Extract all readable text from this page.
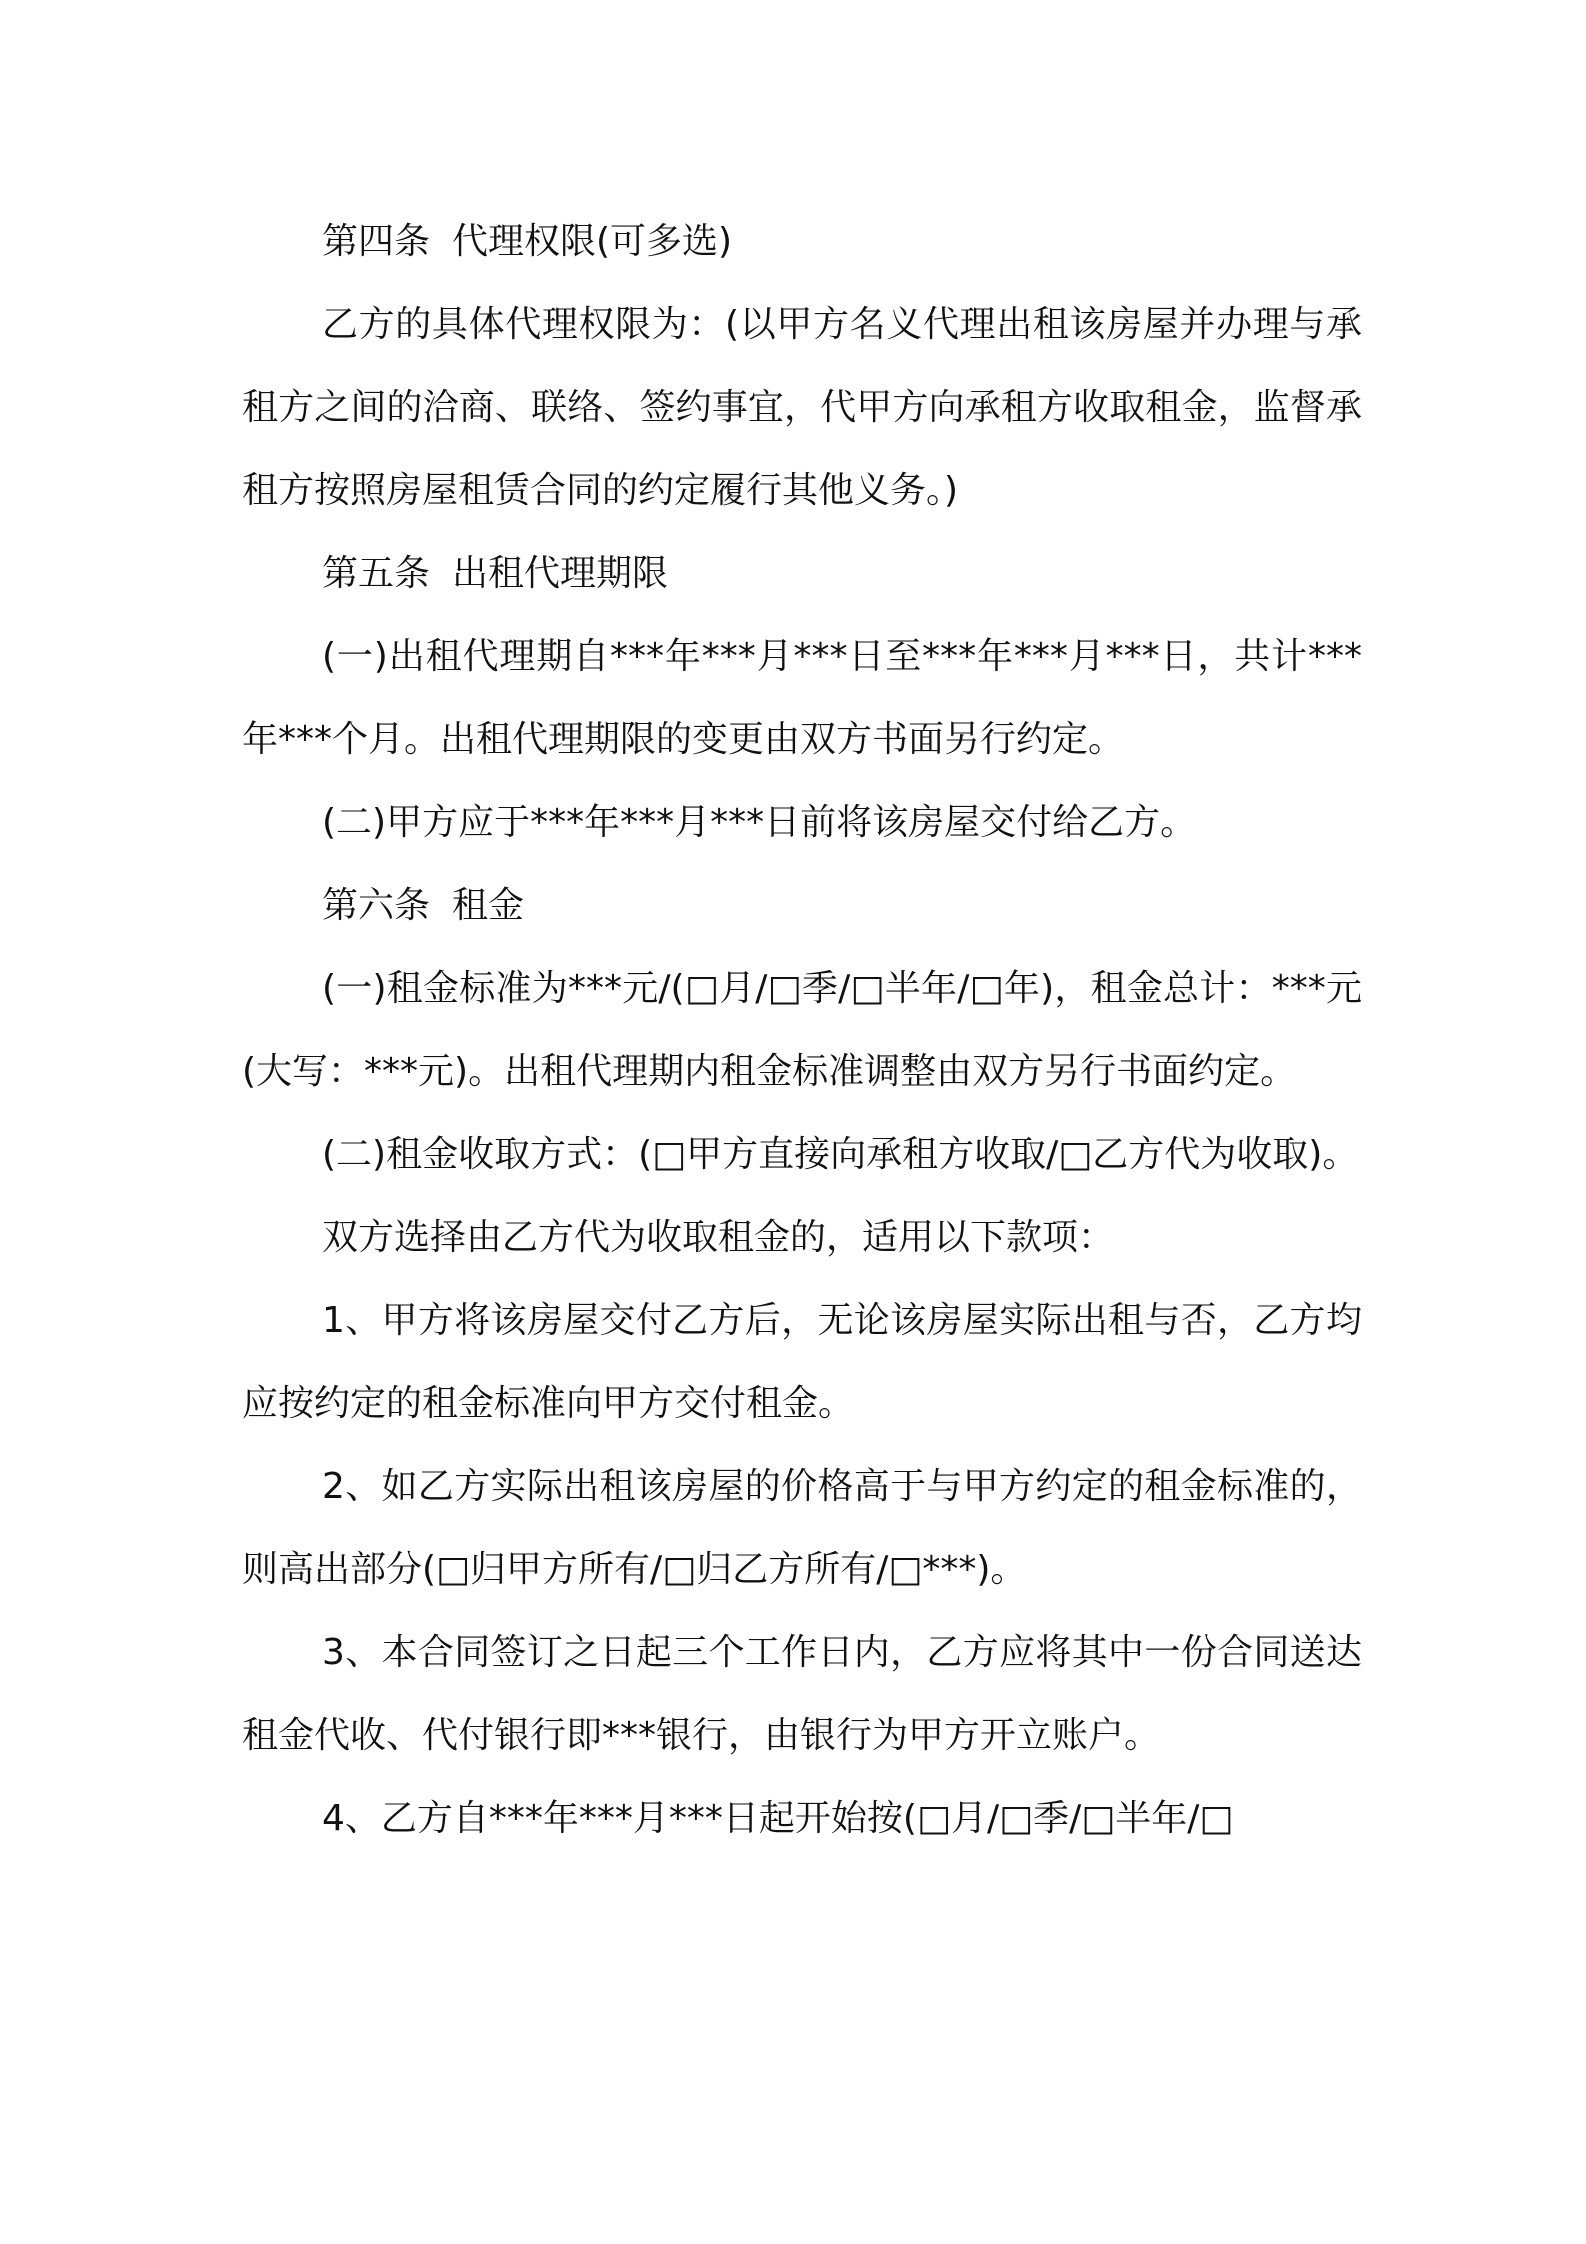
第四条 代理权限(可多选)

乙方的具体代理权限为：(以甲方名义代理出租该房屋并办理与承租方之间的洽商、联络、签约事宜，代甲方向承租方收取租金，监督承租方按照房屋租赁合同的约定履行其他义务。)

第五条 出租代理期限

(一)出租代理期自***年***月***日至***年***月***日，共计***年***个月。出租代理期限的变更由双方书面另行约定。

(二)甲方应于***年***月***日前将该房屋交付给乙方。

第六条 租金

(一)租金标准为***元/(□月/□季/□半年/□年)，租金总计：***元(大写：***元)。出租代理期内租金标准调整由双方另行书面约定。

(二)租金收取方式：(□甲方直接向承租方收取/□乙方代为收取)。

双方选择由乙方代为收取租金的，适用以下款项：

1、甲方将该房屋交付乙方后，无论该房屋实际出租与否，乙方均应按约定的租金标准向甲方交付租金。

2、如乙方实际出租该房屋的价格高于与甲方约定的租金标准的，则高出部分(□归甲方所有/□归乙方所有/□***)。

3、本合同签订之日起三个工作日内，乙方应将其中一份合同送达租金代收、代付银行即***银行，由银行为甲方开立账户。

4、乙方自***年***月***日起开始按(□月/□季/□半年/□
